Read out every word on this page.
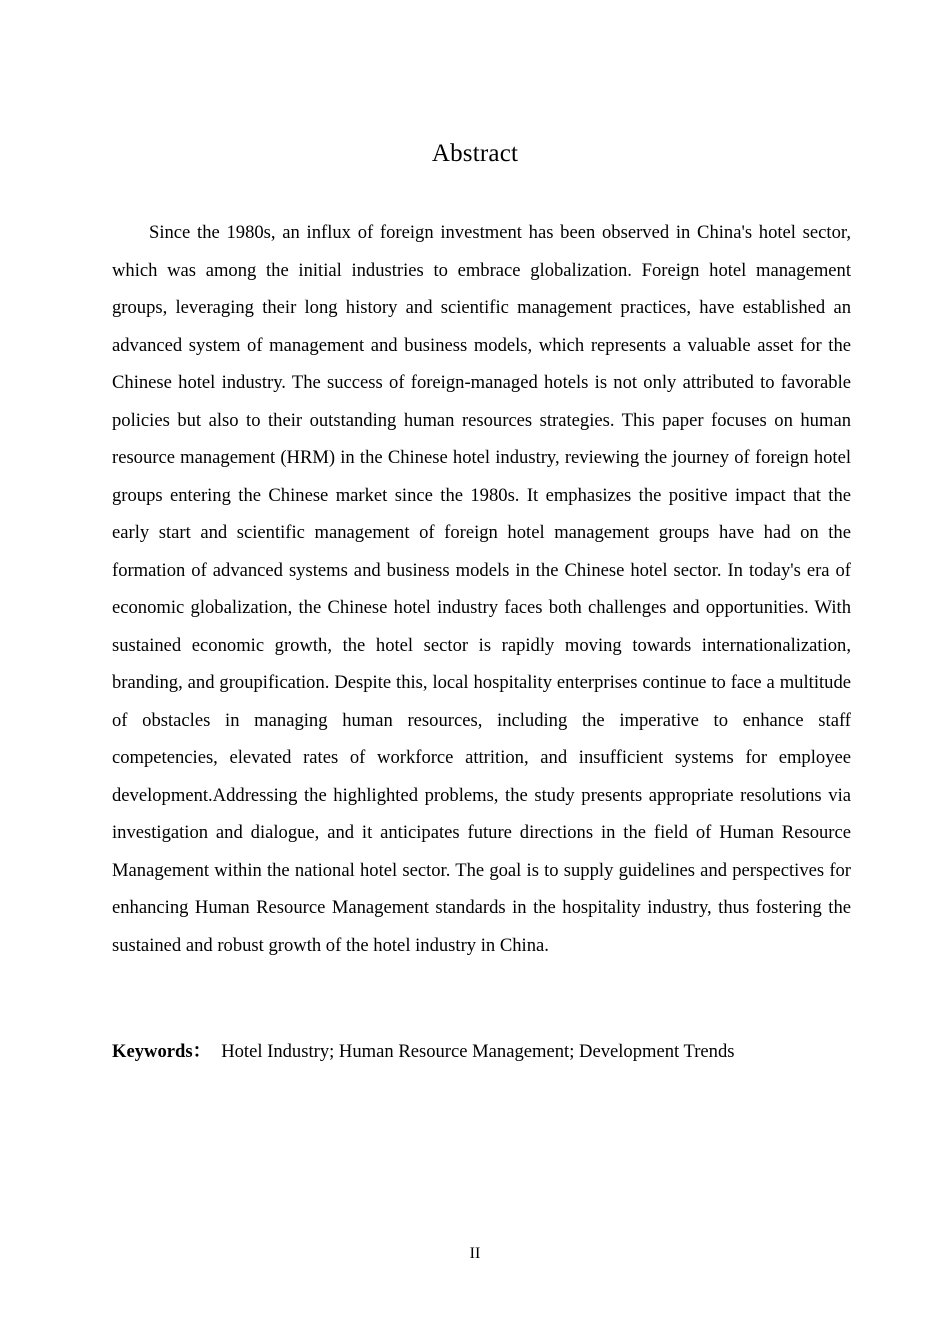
Abstract

Since the 1980s, an influx of foreign investment has been observed in China's hotel sector, which was among the initial industries to embrace globalization. Foreign hotel management groups, leveraging their long history and scientific management practices, have established an advanced system of management and business models, which represents a valuable asset for the Chinese hotel industry. The success of foreign-managed hotels is not only attributed to favorable policies but also to their outstanding human resources strategies. This paper focuses on human resource management (HRM) in the Chinese hotel industry, reviewing the journey of foreign hotel groups entering the Chinese market since the 1980s. It emphasizes the positive impact that the early start and scientific management of foreign hotel management groups have had on the formation of advanced systems and business models in the Chinese hotel sector. In today's era of economic globalization, the Chinese hotel industry faces both challenges and opportunities. With sustained economic growth, the hotel sector is rapidly moving towards internationalization, branding, and groupification. Despite this, local hospitality enterprises continue to face a multitude of obstacles in managing human resources, including the imperative to enhance staff competencies, elevated rates of workforce attrition, and insufficient systems for employee development.Addressing the highlighted problems, the study presents appropriate resolutions via investigation and dialogue, and it anticipates future directions in the field of Human Resource Management within the national hotel sector. The goal is to supply guidelines and perspectives for enhancing Human Resource Management standards in the hospitality industry, thus fostering the sustained and robust growth of the hotel industry in China.

Keywords： Hotel Industry; Human Resource Management; Development Trends

II
